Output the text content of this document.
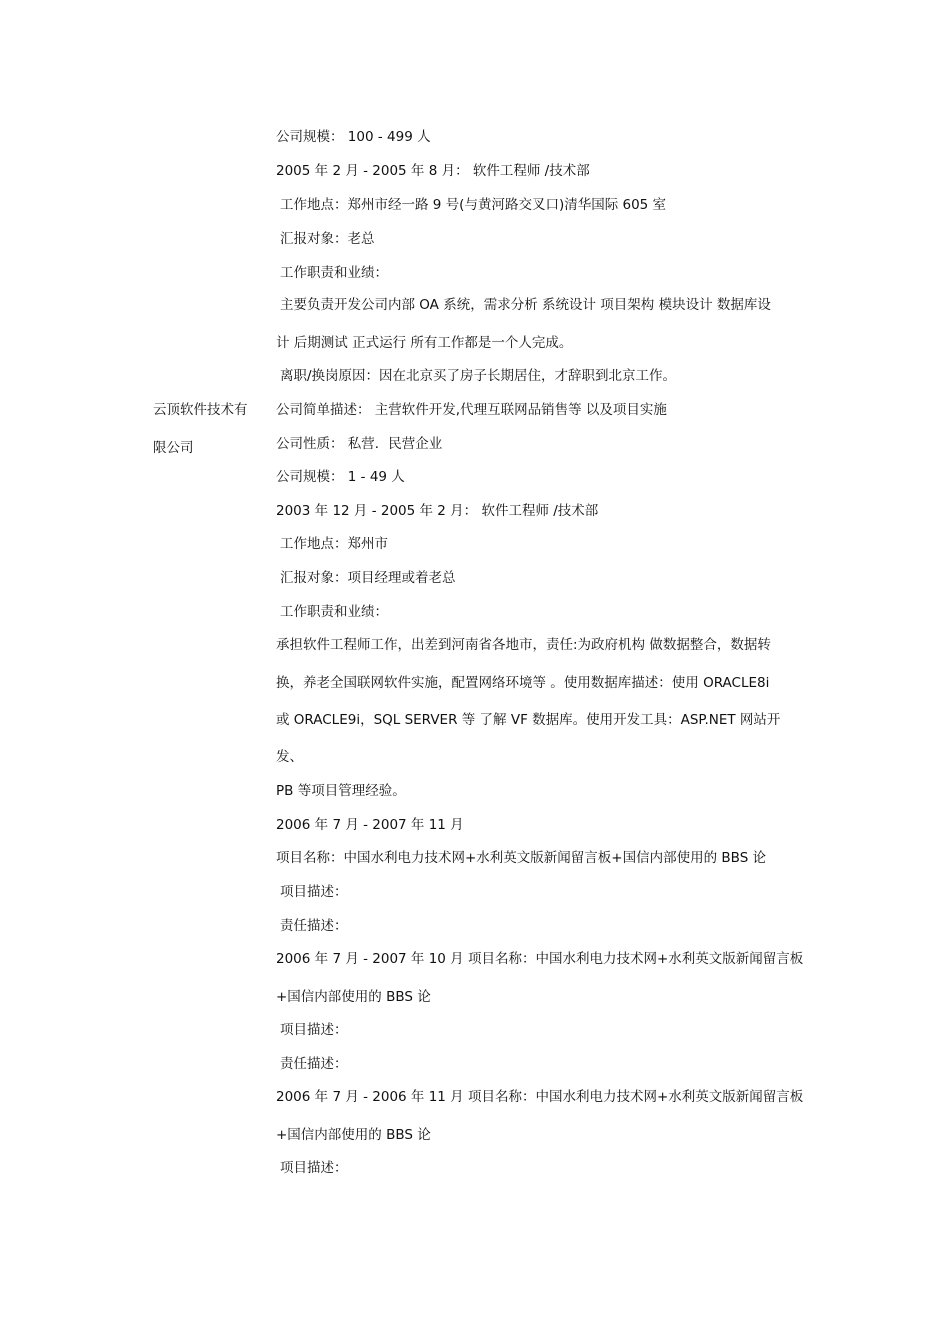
公司规模： 100 - 499 人
2005 年 2 月 - 2005 年 8 月： 软件工程师 /技术部
工作地点：郑州市经一路 9 号(与黄河路交叉口)清华国际 605 室
汇报对象：老总
工作职责和业绩：
主要负责开发公司内部 OA 系统，需求分析 系统设计 项目架构 模块设计 数据库设
计 后期测试 正式运行 所有工作都是一个人完成。
离职/换岗原因：因在北京买了房子长期居住，才辞职到北京工作。
云顶软件技术有
限公司
公司简单描述： 主营软件开发,代理互联网品销售等 以及项目实施
公司性质： 私营．民营企业
公司规模： 1 - 49 人
2003 年 12 月 - 2005 年 2 月： 软件工程师 /技术部
工作地点：郑州市
汇报对象：项目经理或着老总
工作职责和业绩：
承担软件工程师工作，出差到河南省各地市，责任:为政府机构 做数据整合，数据转
换，养老全国联网软件实施，配置网络环境等 。使用数据库描述：使用 ORACLE8i
或 ORACLE9i，SQL SERVER 等 了解 VF 数据库。使用开发工具：ASP.NET 网站开
发、
PB 等项目管理经验。
2006 年 7 月 - 2007 年 11 月
项目名称：中国水利电力技术网+水利英文版新闻留言板+国信内部使用的 BBS 论
项目描述：
责任描述：
2006 年 7 月 - 2007 年 10 月 项目名称：中国水利电力技术网+水利英文版新闻留言板
+国信内部使用的 BBS 论
项目描述：
责任描述：
2006 年 7 月 - 2006 年 11 月 项目名称：中国水利电力技术网+水利英文版新闻留言板
+国信内部使用的 BBS 论
项目描述：
